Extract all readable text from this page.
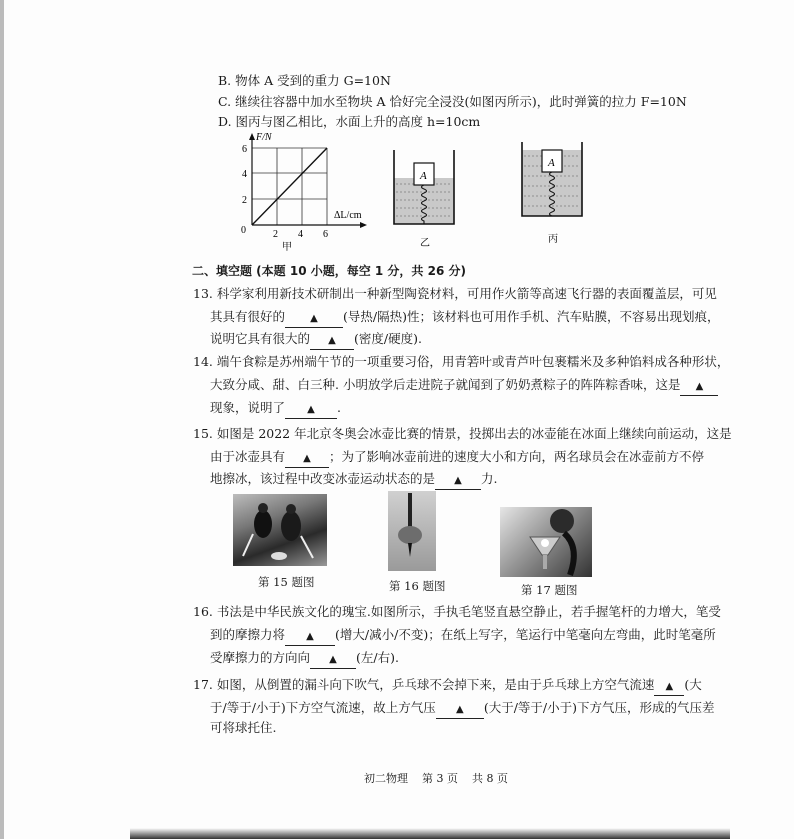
B. 物体 A 受到的重力 G=10N
C. 继续往容器中加水至物块 A 恰好完全浸没(如图丙所示)，此时弹簧的拉力 F=10N
D. 图丙与图乙相比，水面上升的高度 h=10cm
F/N
6
4
2
0	2 4 6
ΔL/cm
甲
A
乙
A
丙
二、填空题 (本题 10 小题，每空 1 分，共 26 分)
13. 科学家利用新技术研制出一种新型陶瓷材料，可用作火箭等高速飞行器的表面覆盖层，可见
其具有很好的	▲ (导热/隔热)性；该材料也可用作手机、汽车贴膜，不容易出现划痕，
说明它具有很大的 ▲ (密度/硬度).
14. 端午食粽是苏州端午节的一项重要习俗，用青箬叶或青芦叶包裹糯米及多种馅料成各种形状，
大致分咸、甜、白三种. 小明放学后走进院子就闻到了奶奶煮粽子的阵阵粽香味，这是 ▲
现象，说明了 ▲ .
15. 如图是 2022 年北京冬奥会冰壶比赛的情景，投掷出去的冰壶能在冰面上继续向前运动，这是
由于冰壶具有 ▲ ；为了影响冰壶前进的速度大小和方向，两名球员会在冰壶前方不停
地擦冰，该过程中改变冰壶运动状态的是 ▲ 力.
第 15 题图	第 16 题图	第 17 题图
16. 书法是中华民族文化的瑰宝.如图所示，手执毛笔竖直悬空静止，若手握笔杆的力增大，笔受
到的摩擦力将 ▲ (增大/减小/不变)；在纸上写字，笔运行中笔毫向左弯曲，此时笔毫所
受摩擦力的方向向 ▲ (左/右).
17. 如图，从倒置的漏斗向下吹气，乒乓球不会掉下来，是由于乒乓球上方空气流速 ▲ (大
于/等于/小于)下方空气流速，故上方气压 ▲ (大于/等于/小于)下方气压，形成的气压差
可将球托住.
初二物理    第 3 页    共 8 页
